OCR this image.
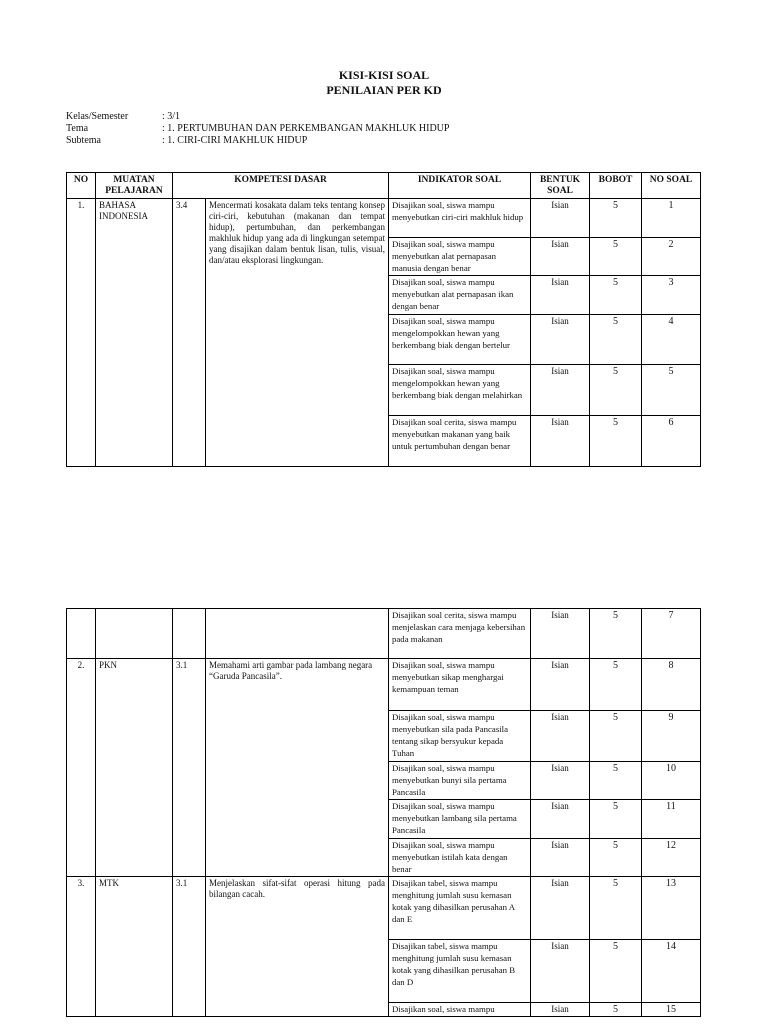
KISI-KISI SOAL
PENILAIAN PER KD
Kelas/Semester	: 3/1
Tema	: 1. PERTUMBUHAN DAN PERKEMBANGAN MAKHLUK HIDUP
Subtema	: 1. CIRI-CIRI MAKHLUK HIDUP
NO	MUATAN PELAJARAN	KOMPETESI DASAR		INDIKATOR SOAL	BENTUK SOAL	BOBOT	NO SOAL
1.	BAHASA INDONESIA	3.4	Mencermati kosakata dalam teks tentang konsep ciri-ciri, kebutuhan (makanan dan tempat hidup), pertumbuhan, dan perkembangan makhluk hidup yang ada di lingkungan setempat yang disajikan dalam bentuk lisan, tulis, visual, dan/atau eksplorasi lingkungan.	Disajikan soal, siswa mampu menyebutkan ciri-ciri makhluk hidup	Isian	5	1
				Disajikan soal, siswa mampu menyebutkan alat pernapasan manusia dengan benar	Isian	5	2
				Disajikan soal, siswa mampu menyebutkan alat pernapasan ikan dengan benar	Isian	5	3
				Disajikan soal, siswa mampu mengelompokkan hewan yang berkembang biak dengan bertelur	Isian	5	4
				Disajikan soal, siswa mampu mengelompokkan hewan yang berkembang biak dengan melahirkan	Isian	5	5
				Disajikan soal cerita, siswa mampu menyebutkan makanan yang baik untuk pertumbuhan dengan benar	Isian	5	6
				Disajikan soal cerita, siswa mampu menjelaskan cara menjaga kebersihan pada makanan	Isian	5	7
2.	PKN	3.1	Memahami arti gambar pada lambang negara “Garuda Pancasila”.	Disajikan soal, siswa mampu menyebutkan sikap menghargai kemampuan teman	Isian	5	8
				Disajikan soal, siswa mampu menyebutkan sila pada Pancasila tentang sikap bersyukur kepada Tuhan	Isian	5	9
				Disajikan soal, siswa mampu menyebutkan bunyi sila pertama Pancasila	Isian	5	10
				Disajikan soal, siswa mampu menyebutkan lambang sila pertama Pancasila	Isian	5	11
				Disajikan soal, siswa mampu menyebutkan istilah kata dengan benar	Isian	5	12
3.	MTK	3.1	Menjelaskan sifat-sifat operasi hitung pada bilangan cacah.	Disajikan tabel, siswa mampu menghitung jumlah susu kemasan kotak yang dihasilkan perusahan A dan E	Isian	5	13
				Disajikan tabel, siswa mampu menghitung jumlah susu kemasan kotak yang dihasilkan perusahan B dan D	Isian	5	14
				Disajikan soal, siswa mampu	Isian	5	15
